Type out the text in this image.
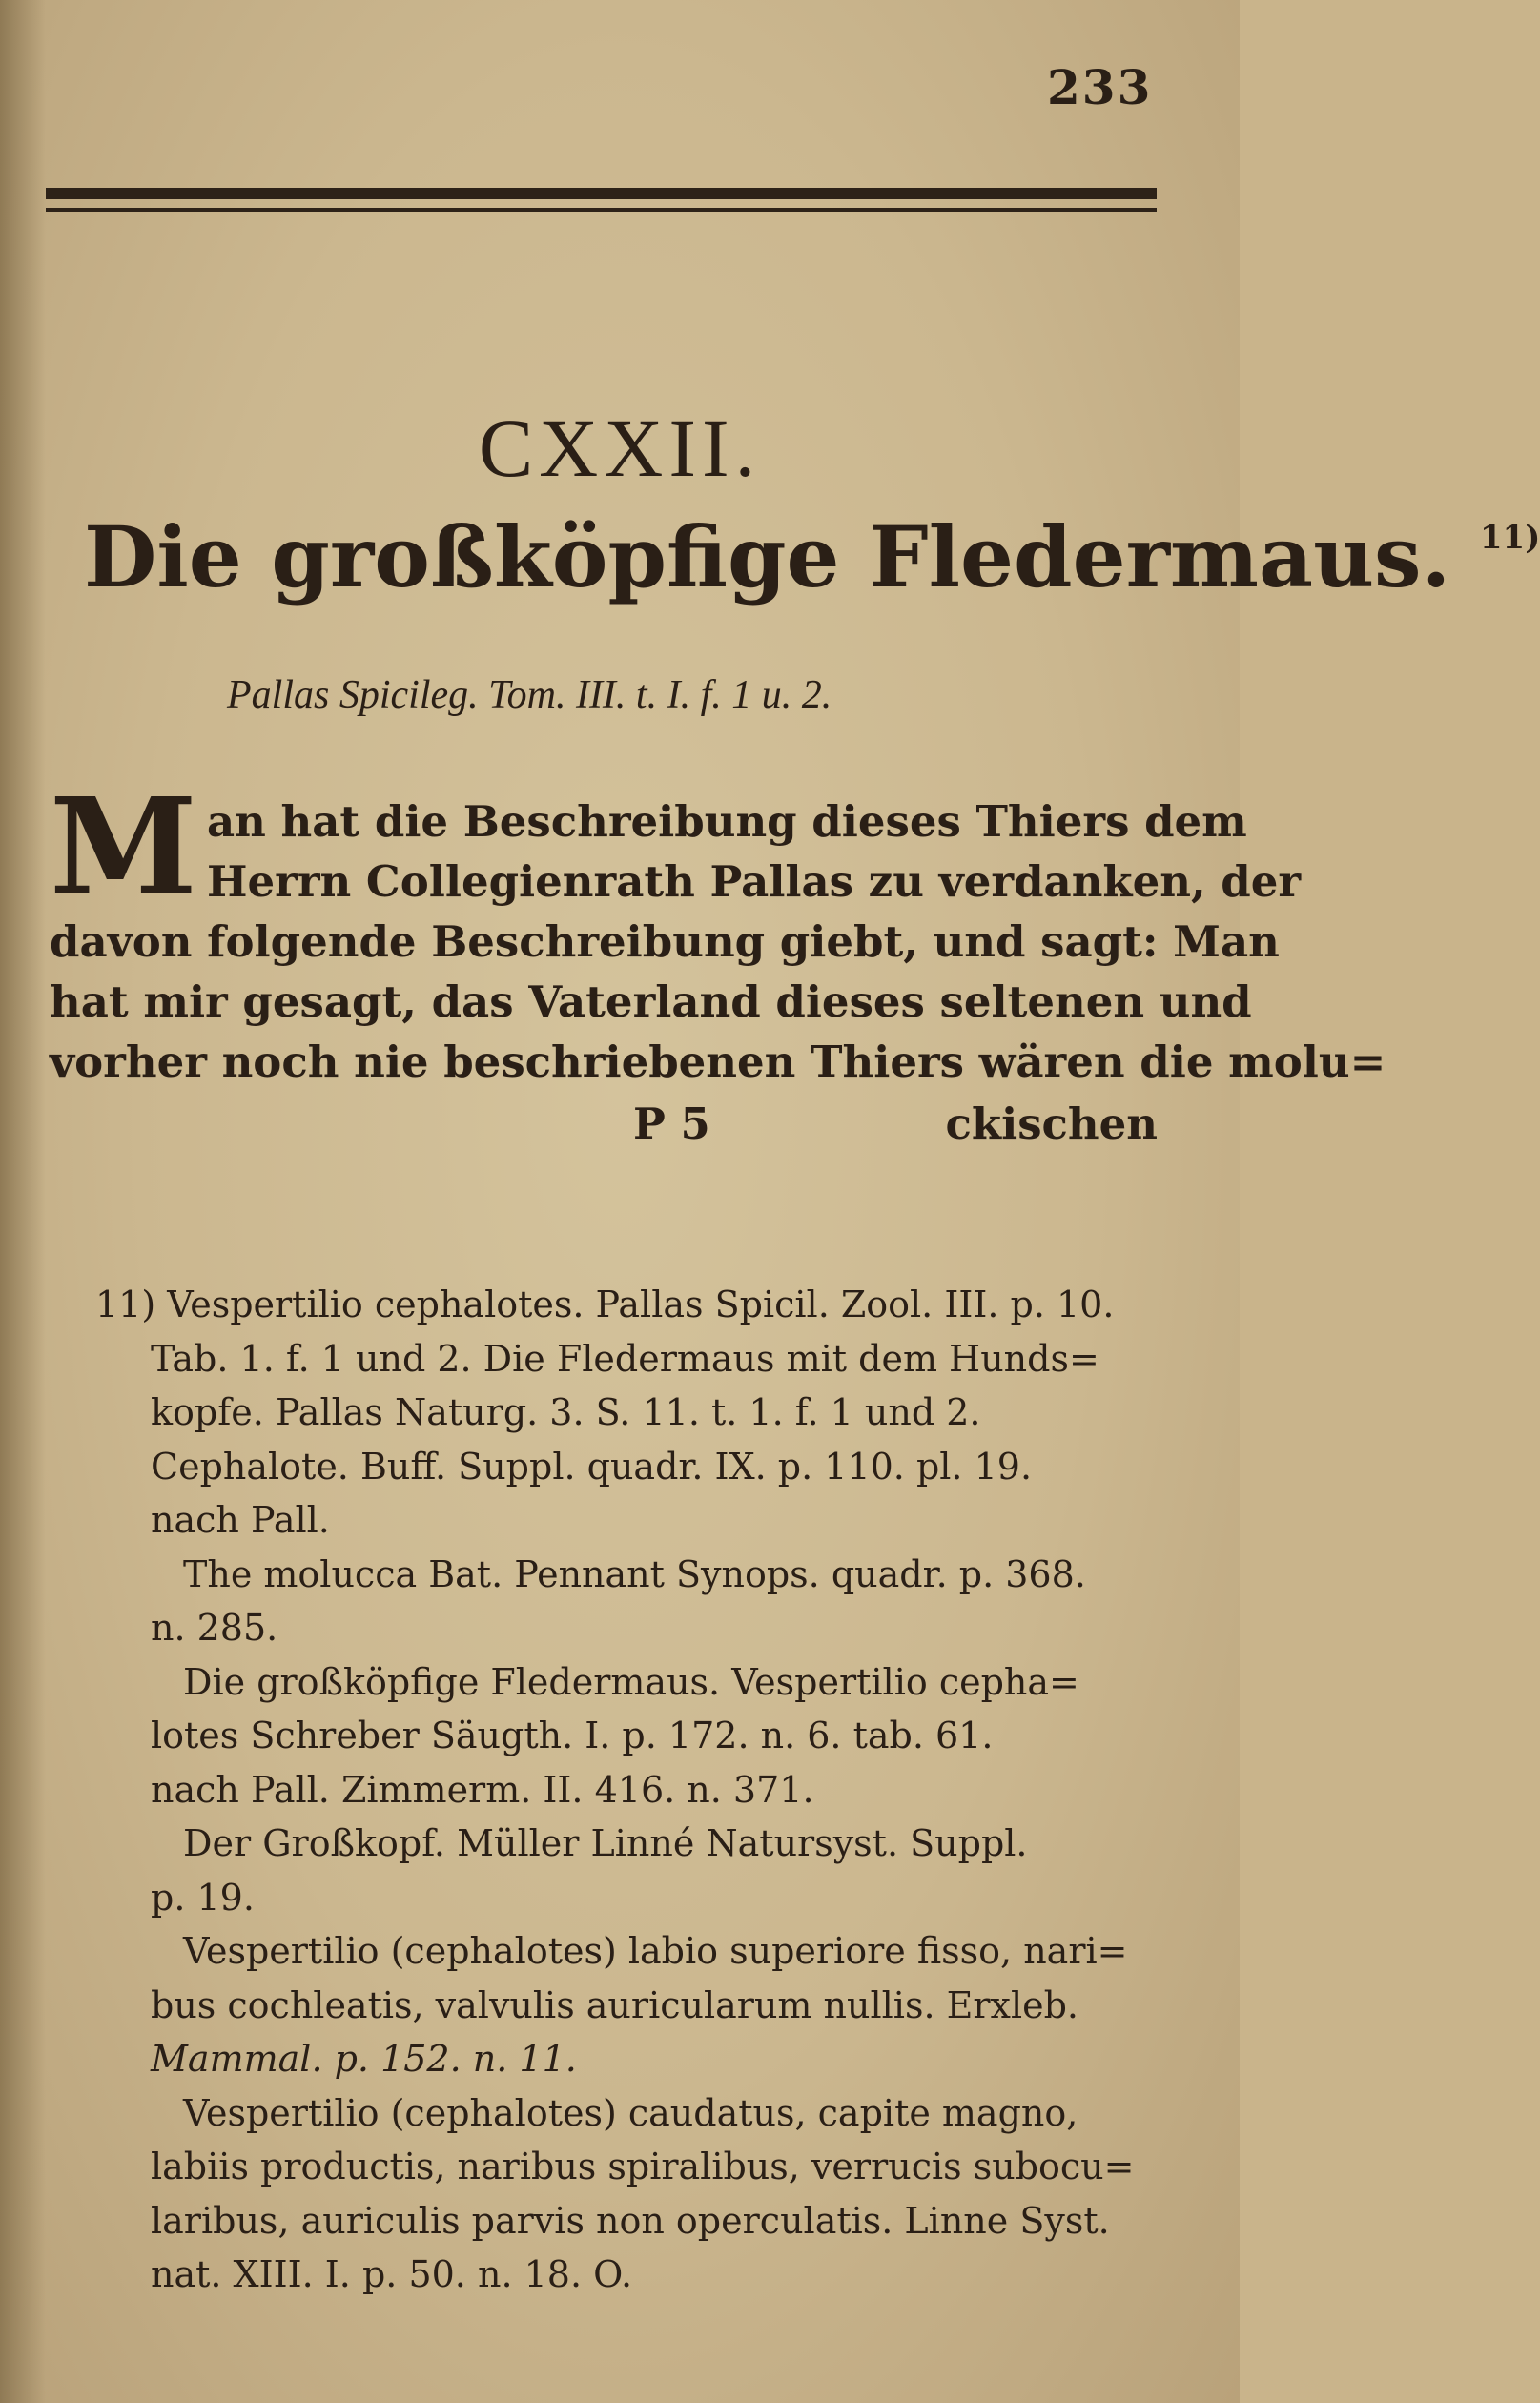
233
CXXII.
Die großköpfige Fledermaus. $^{11)}$
Pallas Spicileg. Tom. III. t. I. f. 1 u. 2.
M an hat die Beschreibung dieses Thiers dem
Herrn Collegienrath Pallas zu verdanken, der
davon folgende Beschreibung giebt, und sagt: Man
hat mir gesagt, das Vaterland dieses seltenen und
vorher noch nie beschriebenen Thiers wären die molu=
P 5	ckischen
11) Vespertilio cephalotes. Pallas Spicil. Zool. III. p. 10.
Tab. 1. f. 1 und 2. Die Fledermaus mit dem Hunds=
kopfe. Pallas Naturg. 3. S. 11. t. 1. f. 1 und 2.
Cephalote. Buff. Suppl. quadr. IX. p. 110. pl. 19.
nach Pall.
The molucca Bat. Pennant Synops. quadr. p. 368.
n. 285.
Die großköpfige Fledermaus. Vespertilio cepha=
lotes Schreber Säugth. I. p. 172. n. 6. tab. 61.
nach Pall. Zimmerm. II. 416. n. 371.
Der Großkopf. Müller Linné Natursyst. Suppl.
p. 19.
Vespertilio (cephalotes) labio superiore fisso, nari=
bus cochleatis, valvulis auricularum nullis. Erxleb.
Mammal. p. 152. n. 11.
Vespertilio (cephalotes) caudatus, capite magno,
labiis productis, naribus spiralibus, verrucis subocu=
laribus, auriculis parvis non operculatis. Linne Syst.
nat. XIII. I. p. 50. n. 18. O.
